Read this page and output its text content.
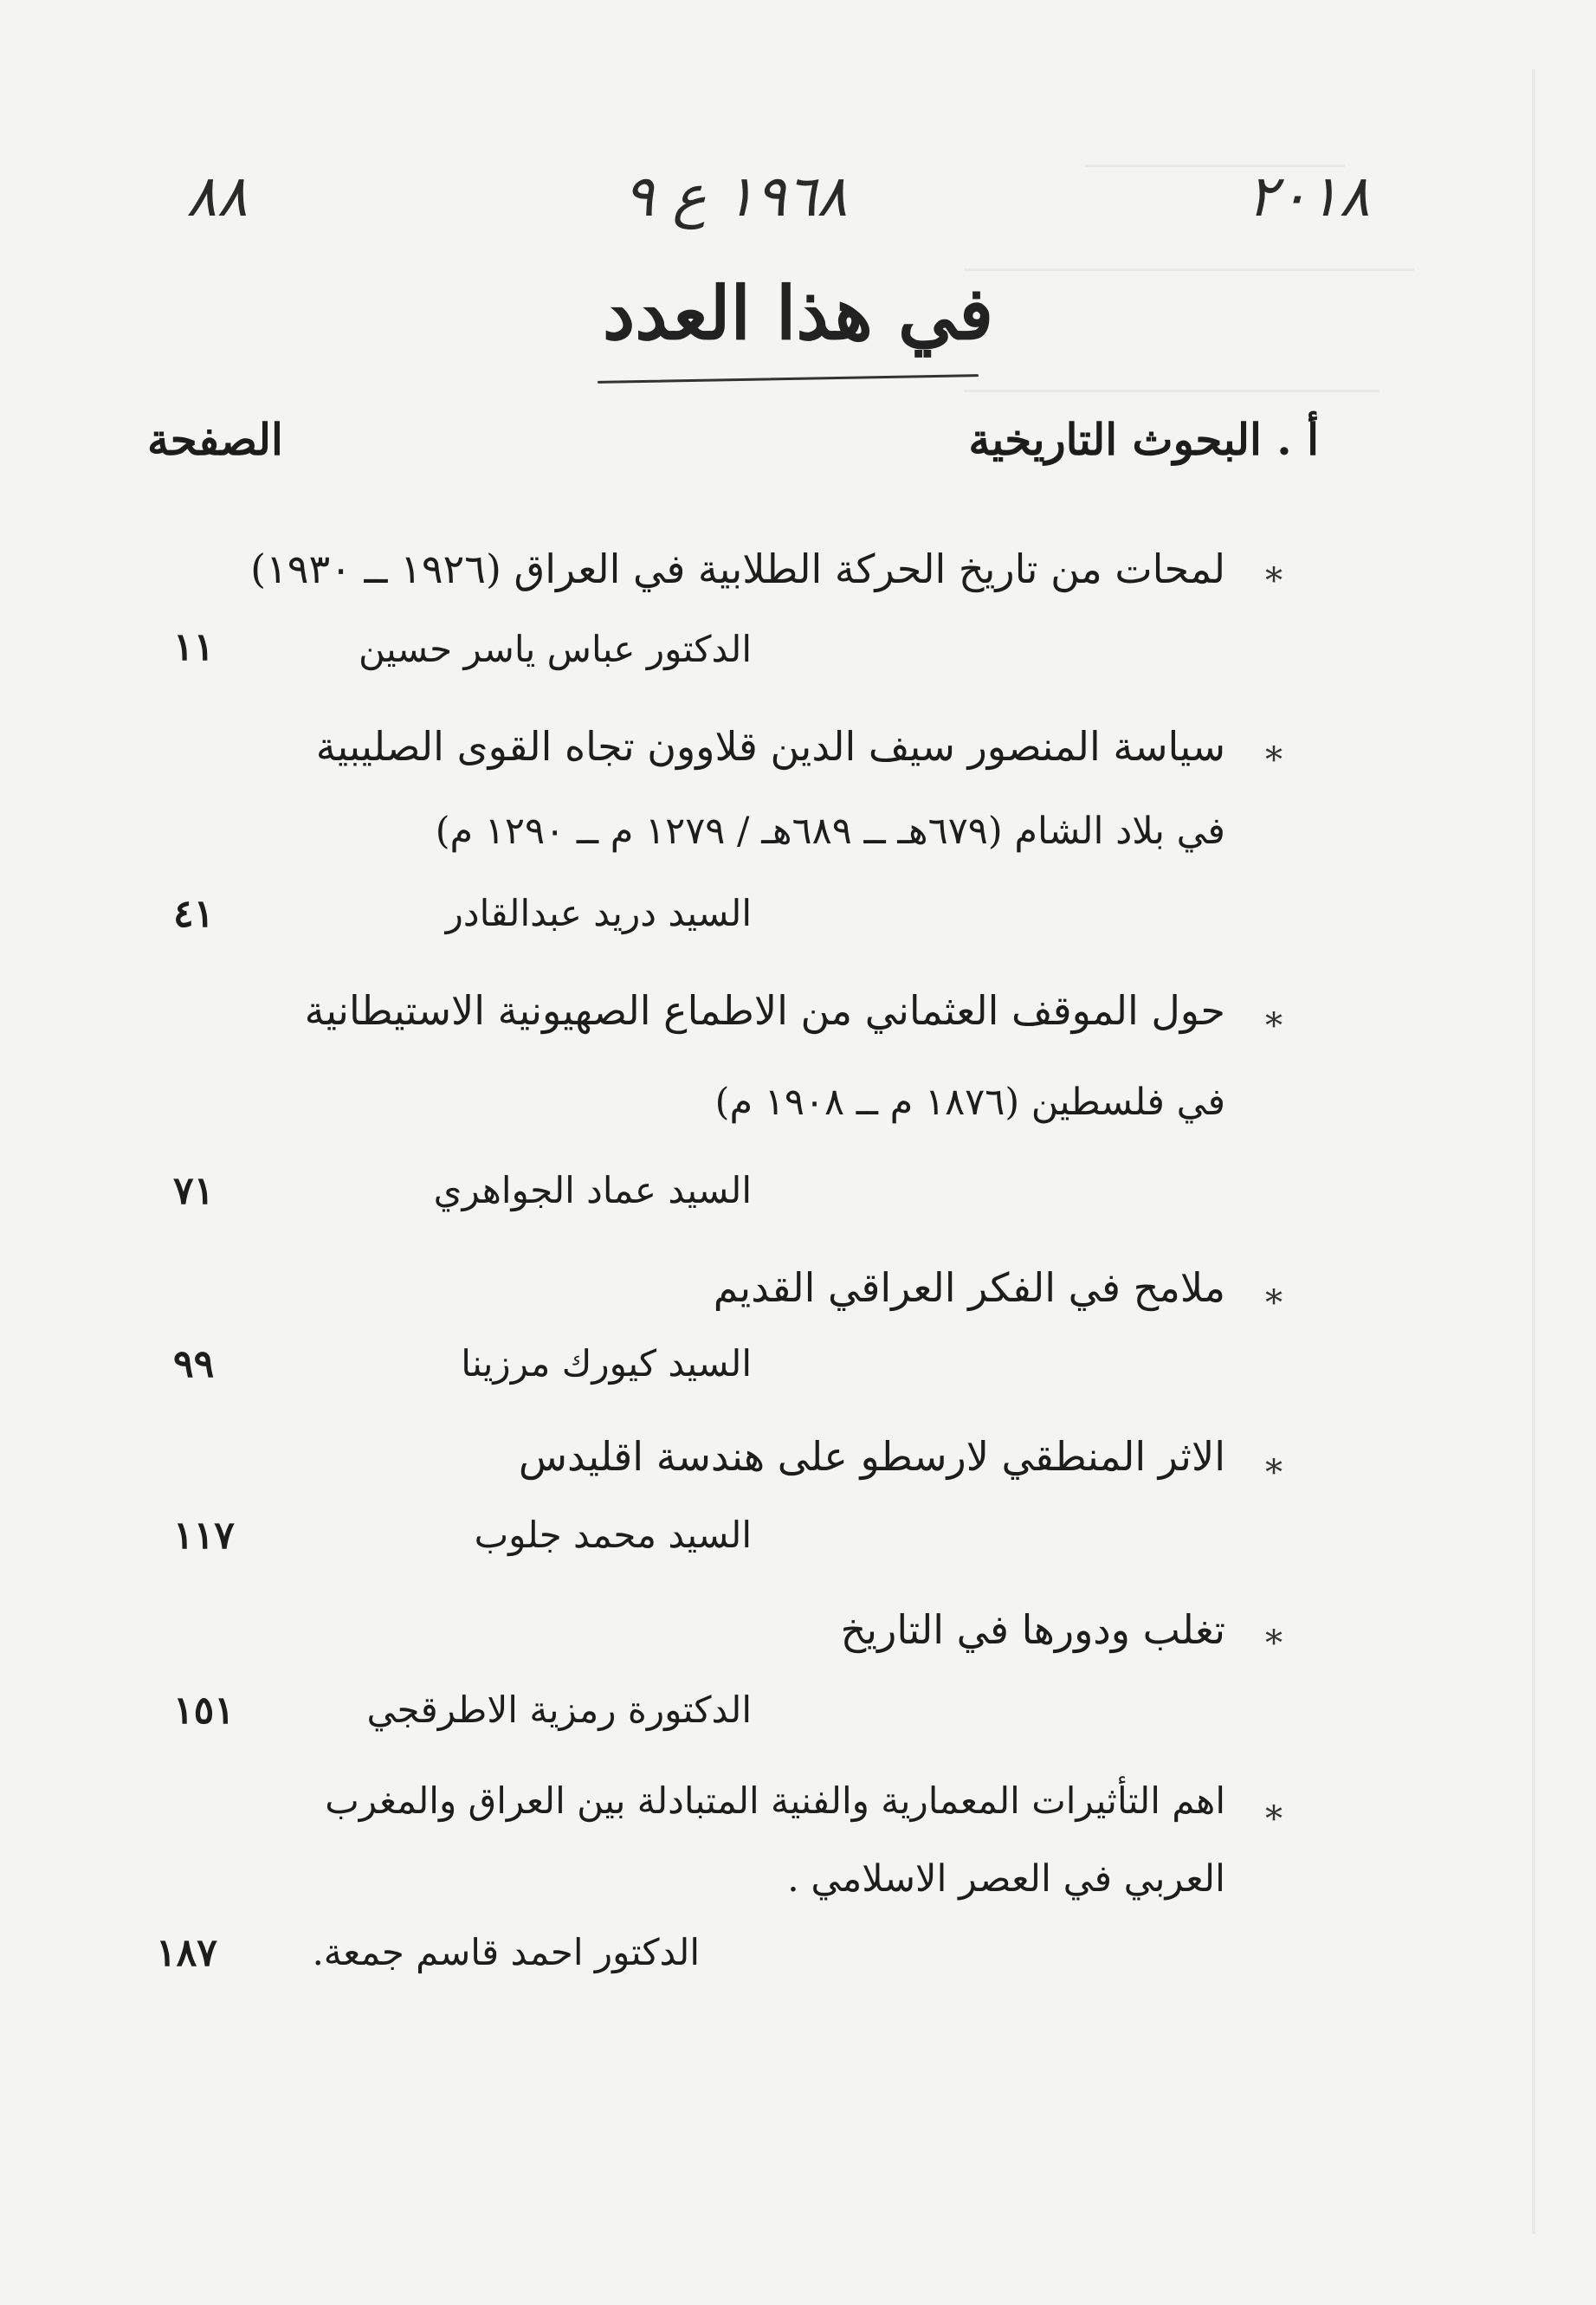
٨٨	١٩٦٨ ع ٩	٢٠١٨
في هذا العدد
أ . البحوث التاريخية
الصفحة
*
لمحات من تاريخ الحركة الطلابية في العراق (١٩٢٦ ــ ١٩٣٠)
الدكتور عباس ياسر حسين
١١
*
سياسة المنصور سيف الدين قلاوون تجاه القوى الصليبية
في بلاد الشام (٦٧٩هـ ــ ٦٨٩هـ / ١٢٧٩ م ــ ١٢٩٠ م)
السيد دريد عبدالقادر
٤١
*
حول الموقف العثماني من الاطماع الصهيونية الاستيطانية
في فلسطين (١٨٧٦ م ــ ١٩٠٨ م)
السيد عماد الجواهري
٧١
*
ملامح في الفكر العراقي القديم
السيد كيورك مرزينا
٩٩
*
الاثر المنطقي لارسطو على هندسة اقليدس
السيد محمد جلوب
١١٧
*
تغلب ودورها في التاريخ
الدكتورة رمزية الاطرقجي
١٥١
*
اهم التأثيرات المعمارية والفنية المتبادلة بين العراق والمغرب
العربي في العصر الاسلامي .
الدكتور احمد قاسم جمعة.
١٨٧
